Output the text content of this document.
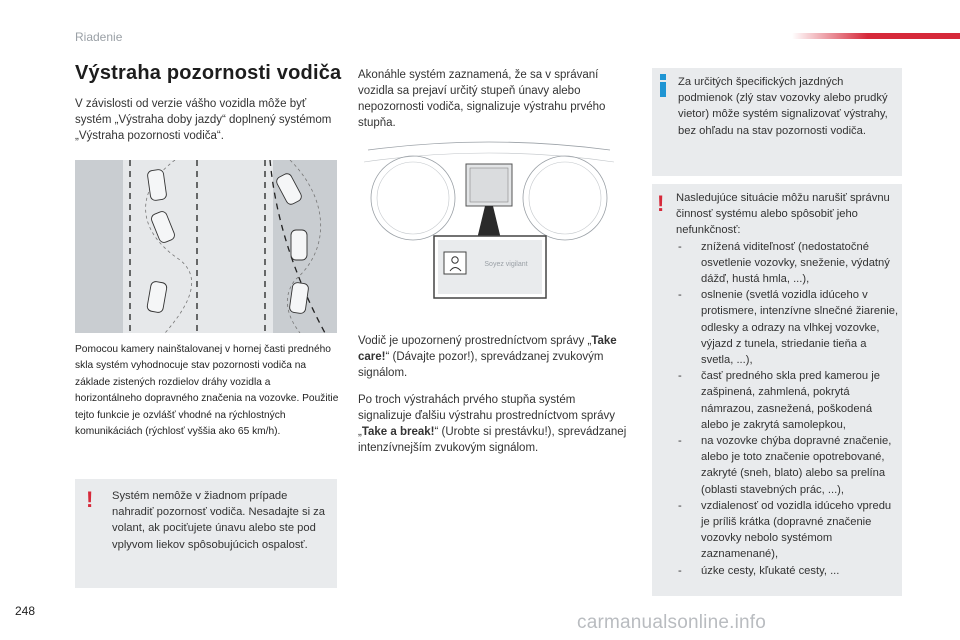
Riadenie
Výstraha pozornosti vodiča
V závislosti od verzie vášho vozidla môže byť systém „Výstraha doby jazdy“ doplnený systémom „Výstraha pozornosti vodiča“.
Pomocou kamery nainštalovanej v hornej časti predného skla systém vyhodnocuje stav pozornosti vodiča na základe zistených rozdielov dráhy vozidla a horizontálneho dopravného značenia na vozovke. Použitie tejto funkcie je ozvlášť vhodné na rýchlostných komunikáciách (rýchlosť vyššia ako 65 km/h).
! Systém nemôže v žiadnom prípade nahradiť pozornosť vodiča. Nesadajte si za volant, ak pociťujete únavu alebo ste pod vplyvom liekov spôsobujúcich ospalosť.
Akonáhle systém zaznamená, že sa v správaní vozidla sa prejaví určitý stupeň únavy alebo nepozornosti vodiča, signalizuje výstrahu prvého stupňa.
Soyez vigilant
Vodič je upozornený prostredníctvom správy „Take care!“ (Dávajte pozor!), sprevádzanej zvukovým signálom.
Po troch výstrahách prvého stupňa systém signalizuje ďalšiu výstrahu prostredníctvom správy „Take a break!“ (Urobte si prestávku!), sprevádzanej intenzívnejším zvukovým signálom.
Za určitých špecifických jazdných podmienok (zlý stav vozovky alebo prudký vietor) môže systém signalizovať výstrahy, bez ohľadu na stav pozornosti vodiča.
! Nasledujúce situácie môžu narušiť správnu činnosť systému alebo spôsobiť jeho nefunkčnosť:
- znížená viditeľnosť (nedostatočné osvetlenie vozovky, sneženie, výdatný dážď, hustá hmla, ...),
- oslnenie (svetlá vozidla idúceho v protismere, intenzívne slnečné žiarenie, odlesky a odrazy na vlhkej vozovke, výjazd z tunela, striedanie tieňa a svetla, ...),
- časť predného skla pred kamerou je zašpinená, zahmlená, pokrytá námrazou, zasnežená, poškodená alebo je zakrytá samolepkou,
- na vozovke chýba dopravné značenie, alebo je toto značenie opotrebované, zakryté (sneh, blato) alebo sa prelína (oblasti stavebných prác, ...),
- vzdialenosť od vozidla idúceho vpredu je príliš krátka (dopravné značenie vozovky nebolo systémom zaznamenané),
- úzke cesty, kľukaté cesty, ...
248
carmanualsonline.info
